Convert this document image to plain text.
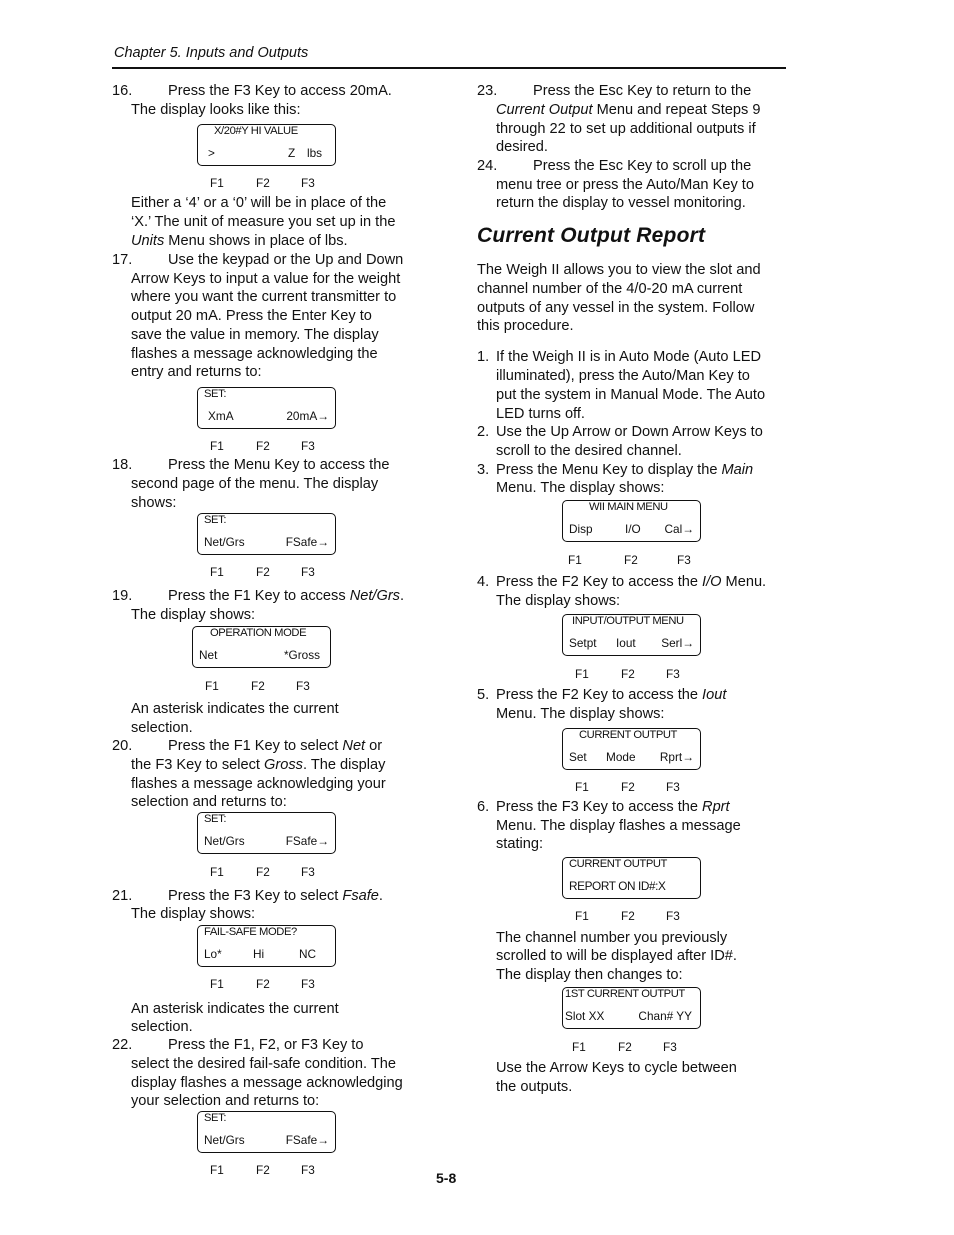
Chapter 5. Inputs and Outputs
16. Press the F3 Key to access 20mA.
The display looks like this:
X/20#Y HI VALUE
>	Z lbs
F1	F2	F3
Either a ‘4’ or a ‘0’ will be in place of the
‘X.’ The unit of measure you set up in the
Units Menu shows in place of lbs.
17. Use the keypad or the Up and Down
Arrow Keys to input a value for the weight
where you want the current transmitter to
output 20 mA. Press the Enter Key to
save the value in memory. The display
flashes a message acknowledging the
entry and returns to:
SET:
XmA	20mA→
F1	F2	F3
18. Press the Menu Key to access the
second page of the menu. The display
shows:
SET:
Net/Grs	FSafe→
F1	F2	F3
19. Press the F1 Key to access Net/Grs.
The display shows:
OPERATION MODE
Net	*Gross
F1	F2	F3
An asterisk indicates the current
selection.
20. Press the F1 Key to select Net or
the F3 Key to select Gross. The display
flashes a message acknowledging your
selection and returns to:
SET:
Net/Grs	FSafe→
F1	F2	F3
21. Press the F3 Key to select Fsafe.
The display shows:
FAIL-SAFE MODE?
Lo*	Hi	NC
F1	F2	F3
An asterisk indicates the current
selection.
22. Press the F1, F2, or F3 Key to
select the desired fail-safe condition. The
display flashes a message acknowledging
your selection and returns to:
SET:
Net/Grs	FSafe→
F1	F2	F3
23. Press the Esc Key to return to the
Current Output Menu and repeat Steps 9
through 22 to set up additional outputs if
desired.
24. Press the Esc Key to scroll up the
menu tree or press the Auto/Man Key to
return the display to vessel monitoring.
Current Output Report
The Weigh II allows you to view the slot and
channel number of the 4/0-20 mA current
outputs of any vessel in the system. Follow
this procedure.
1. If the Weigh II is in Auto Mode (Auto LED
illuminated), press the Auto/Man Key to
put the system in Manual Mode. The Auto
LED turns off.
2. Use the Up Arrow or Down Arrow Keys to
scroll to the desired channel.
3. Press the Menu Key to display the Main
Menu. The display shows:
WII MAIN MENU
Disp	I/O Cal→
F1	F2	F3
4. Press the F2 Key to access the I/O Menu.
The display shows:
INPUT/OUTPUT MENU
Setpt Iout Serl→
F1	F2	F3
5. Press the F2 Key to access the Iout
Menu. The display shows:
CURRENT OUTPUT
Set Mode Rprt→
F1	F2	F3
6. Press the F3 Key to access the Rprt
Menu. The display flashes a message
stating:
CURRENT OUTPUT
REPORT ON ID#:X
F1	F2	F3
The channel number you previously
scrolled to will be displayed after ID#.
The display then changes to:
1ST CURRENT OUTPUT
Slot XX	Chan# YY
F1	F2	F3
Use the Arrow Keys to cycle between
the outputs.
5-8
